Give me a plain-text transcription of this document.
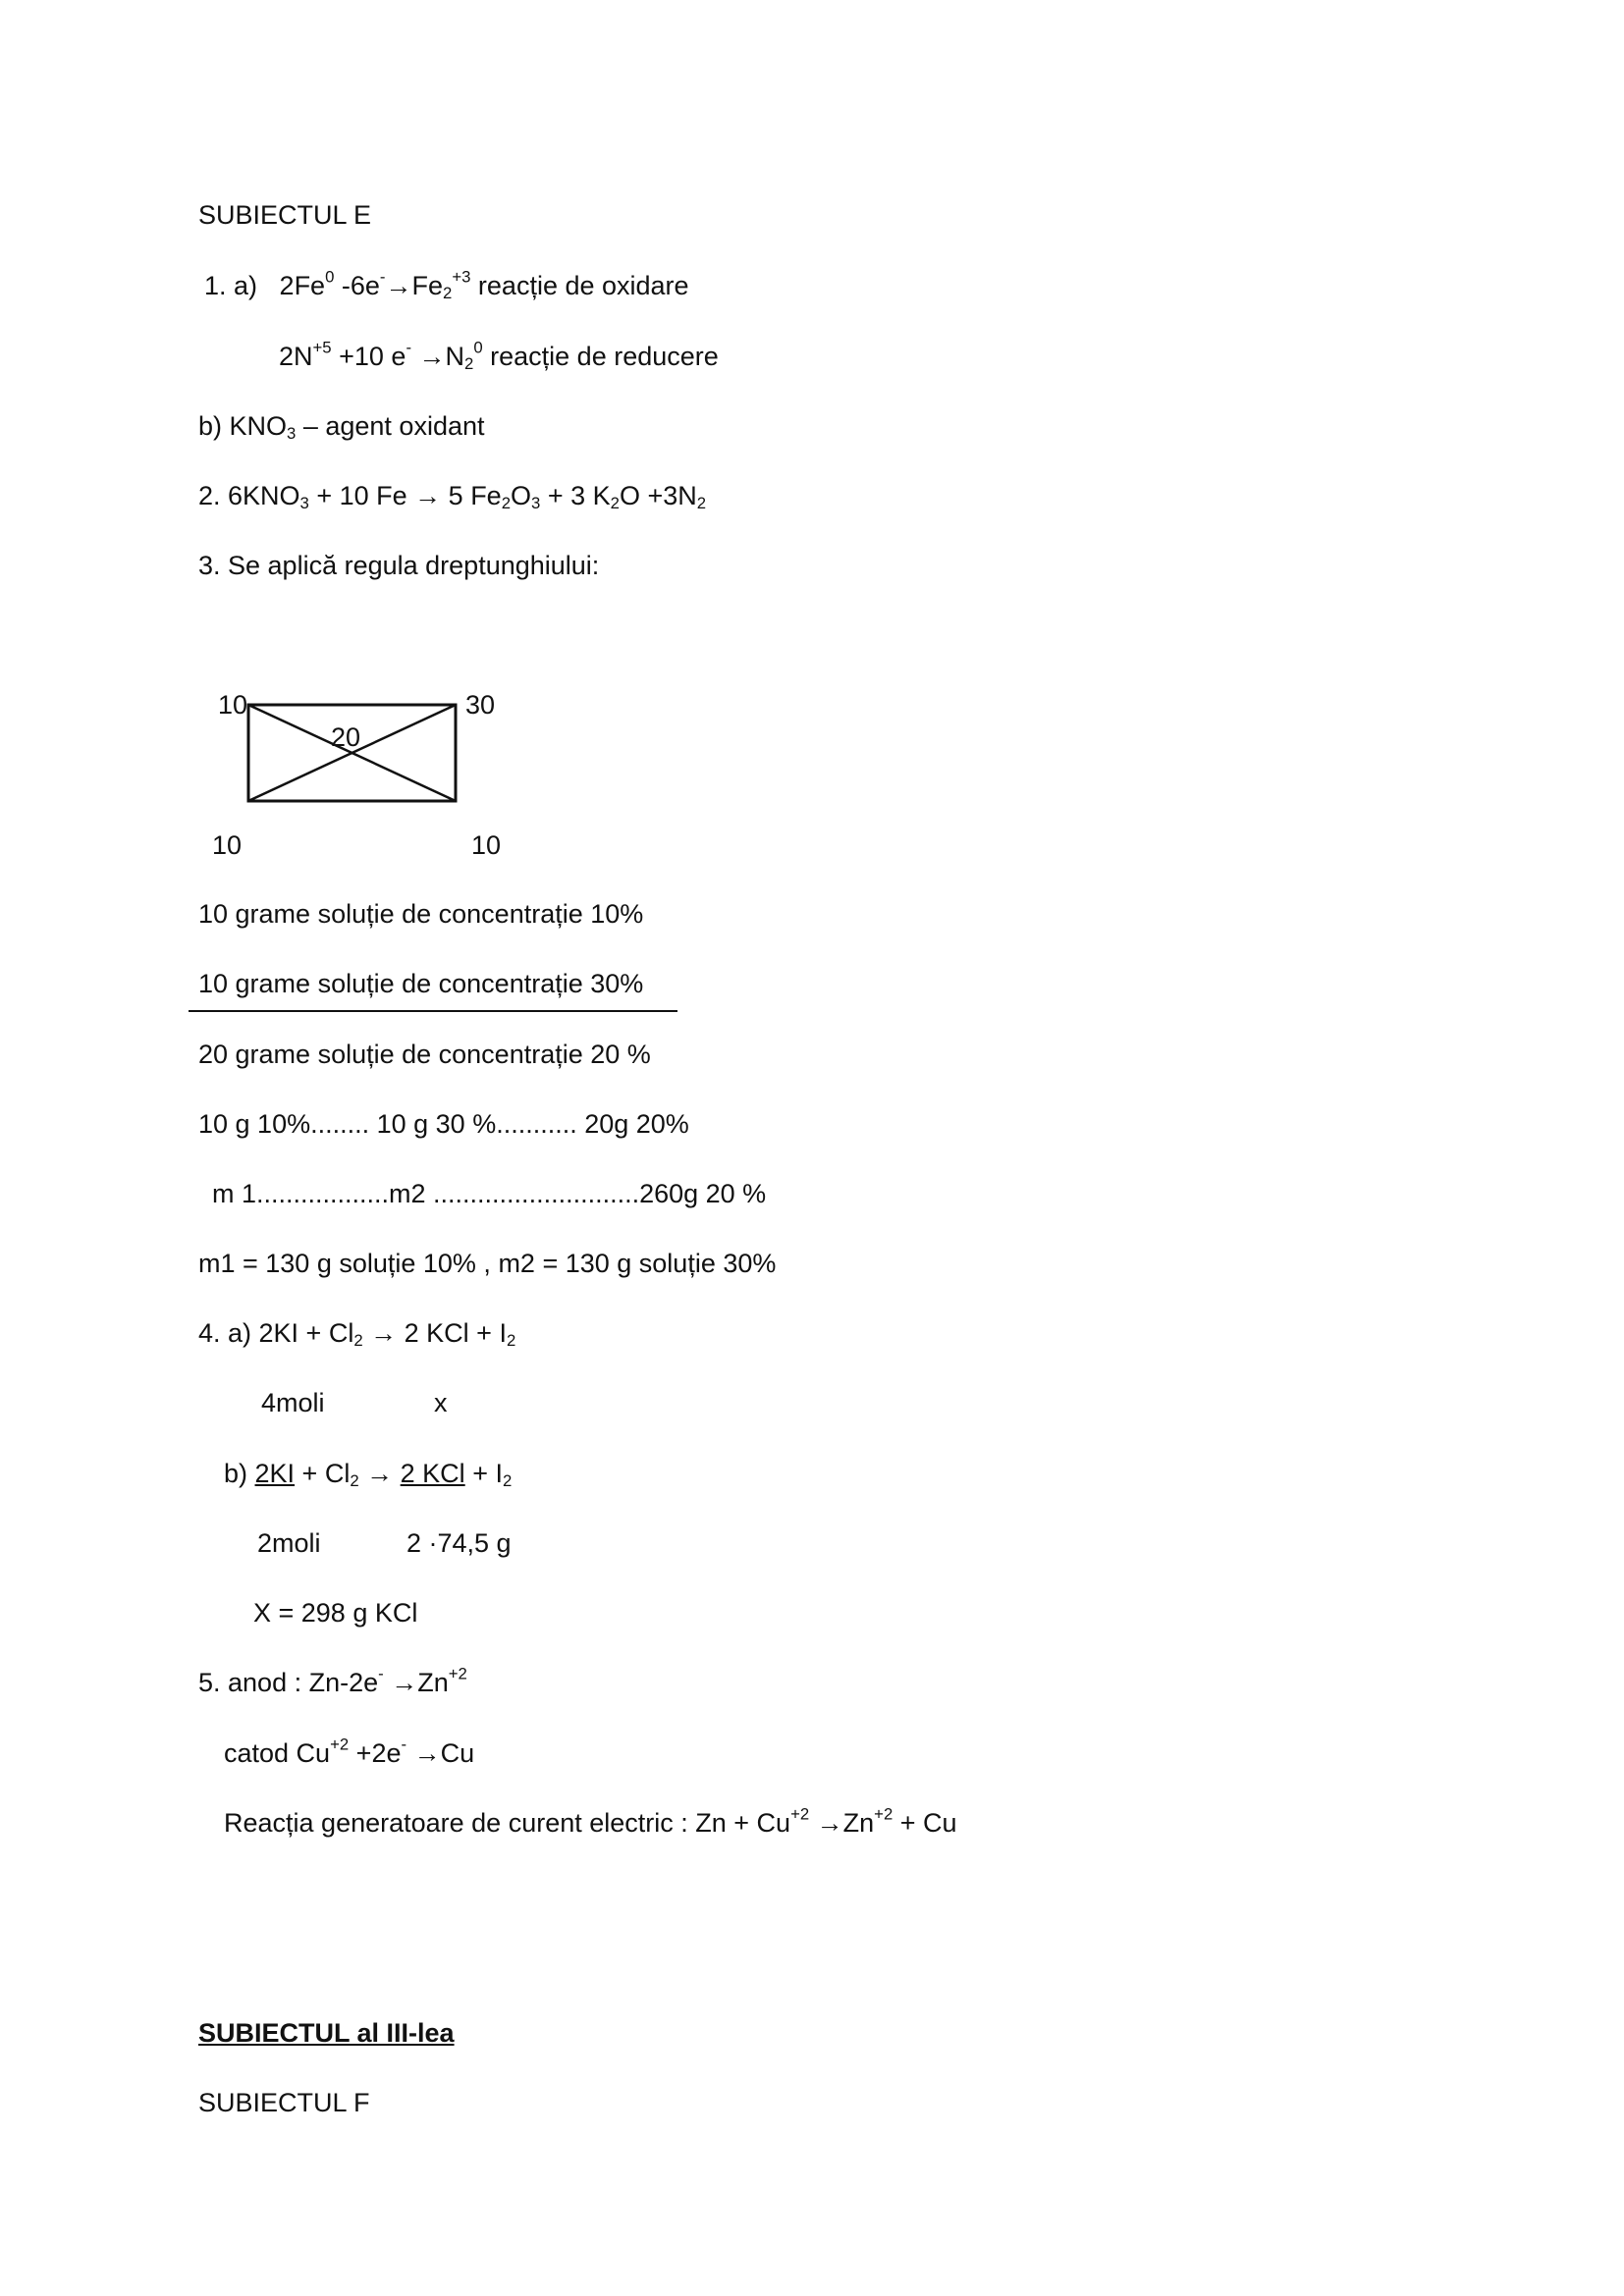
SUBIECTUL E
1. a) 2Fe$^0$ $-6e^-\to Fe_2^{+3}$ reacție de oxidare
$2N^{+5} +10$ $e^- \to N_2^0$ reacție de reducere
b) $KNO_3$ – agent oxidant
2. $6KNO_3 + 10$ Fe → 5 $Fe_2O_3 + 3$ $K_2O +3N_2$
3. Se aplică regula dreptunghiului:
10	30
20
10	10
10 grame soluție de concentrație 10%
10 grame soluție de concentrație 30%
20 grame soluție de concentrație 20 %
10 g 10%........ 10 g 30 %........... 20g 20%
m 1..................m2 ............................260g 20 %
m1 = 130 g soluție 10% , m2 = 130 g soluție 30%
4. a) $2KI + Cl_2 \to 2$ KCl + $I_2$
4moli	x
b) $2KI + Cl_2 \to 2$ KCl + $I_2$
2moli	2 ·74,5 g
X = 298 g KCl
5. anod : $Zn-2e^- \to Zn^{+2}$
catod $Cu^{+2} +2e^- \to Cu$
Reacția generatoare de curent electric : $Zn + Cu^{+2} \to Zn^{+2} + Cu$
SUBIECTUL al III-lea
SUBIECTUL F
